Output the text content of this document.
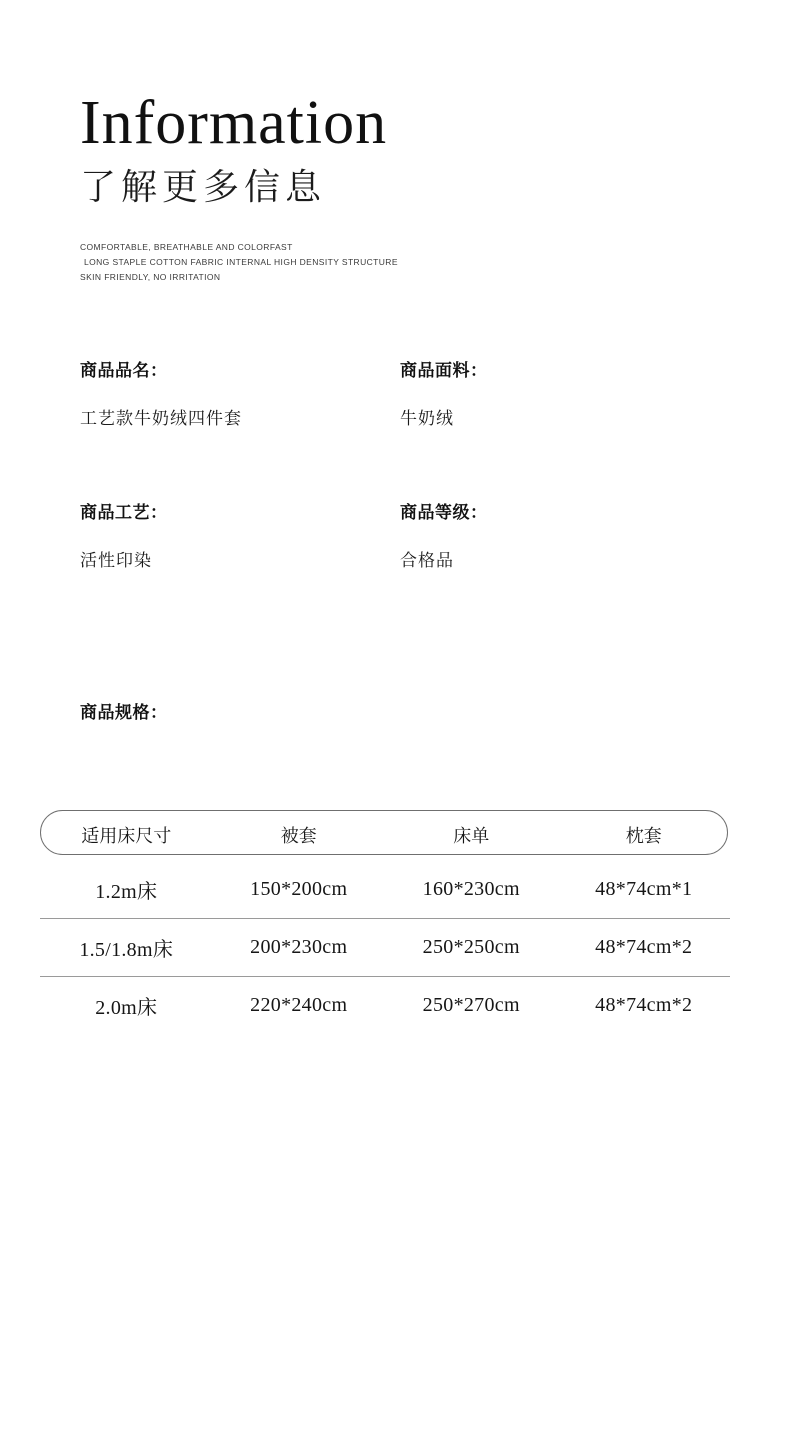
Information
了解更多信息
COMFORTABLE, BREATHABLE AND COLORFAST
LONG STAPLE COTTON FABRIC INTERNAL HIGH DENSITY STRUCTURE
SKIN FRIENDLY, NO IRRITATION
商品品名：
工艺款牛奶绒四件套
商品面料：
牛奶绒
商品工艺：
活性印染
商品等级：
合格品
商品规格：
适用床尺寸	被套	床单	枕套
1.2m床	150*200cm	160*230cm	48*74cm*1
1.5/1.8m床	200*230cm	250*250cm	48*74cm*2
2.0m床	220*240cm	250*270cm	48*74cm*2
